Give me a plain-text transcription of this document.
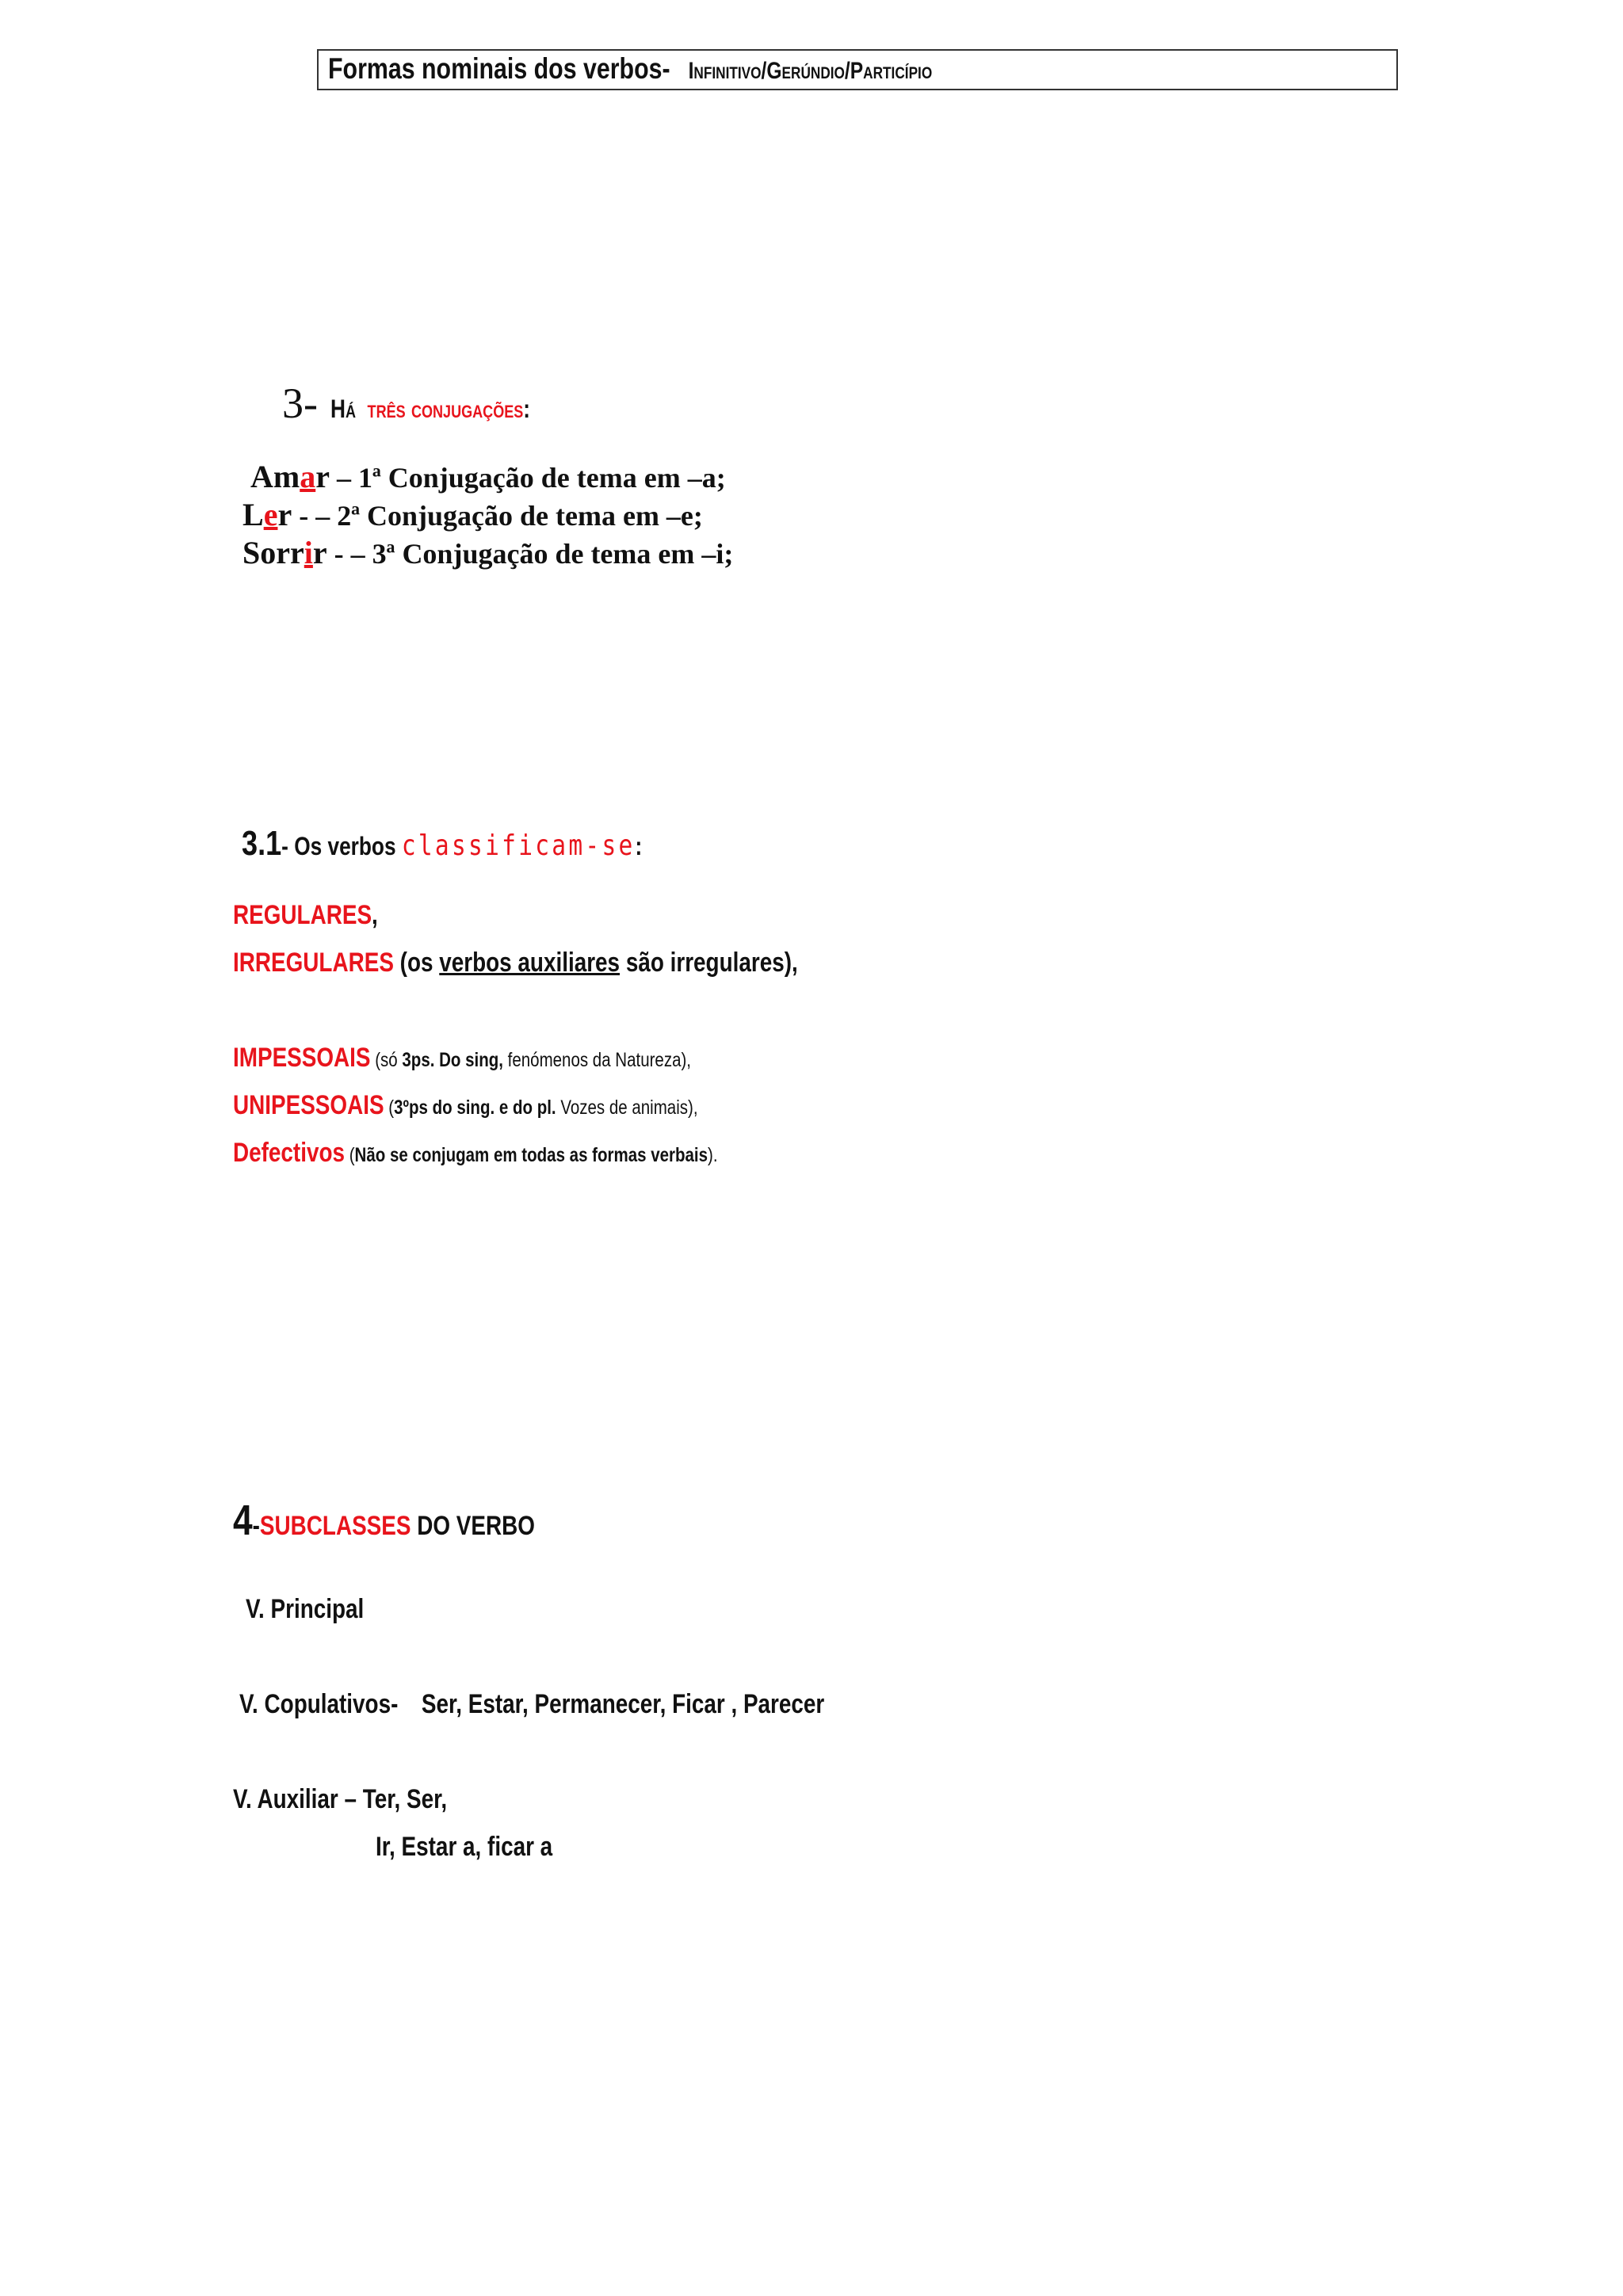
Formas nominais dos verbos- Infinitivo/Gerúndio/Particípio
3- Há três conjugações:
Amar – 1ª Conjugação de tema em –a;
Ler - – 2ª Conjugação de tema em –e;
Sorrir - – 3ª Conjugação de tema em –i;
3.1- Os verbos classificam-se:
REGULARES,
IRREGULARES (os verbos auxiliares são irregulares),
IMPESSOAIS (só 3ps. Do sing, fenómenos da Natureza),
UNIPESSOAIS (3ºps do sing. e do pl. Vozes de animais),
Defectivos (Não se conjugam em todas as formas verbais).
4-SUBCLASSES DO VERBO
V. Principal
V. Copulativos- Ser, Estar, Permanecer, Ficar , Parecer
V. Auxiliar – Ter, Ser,
Ir, Estar a, ficar a
